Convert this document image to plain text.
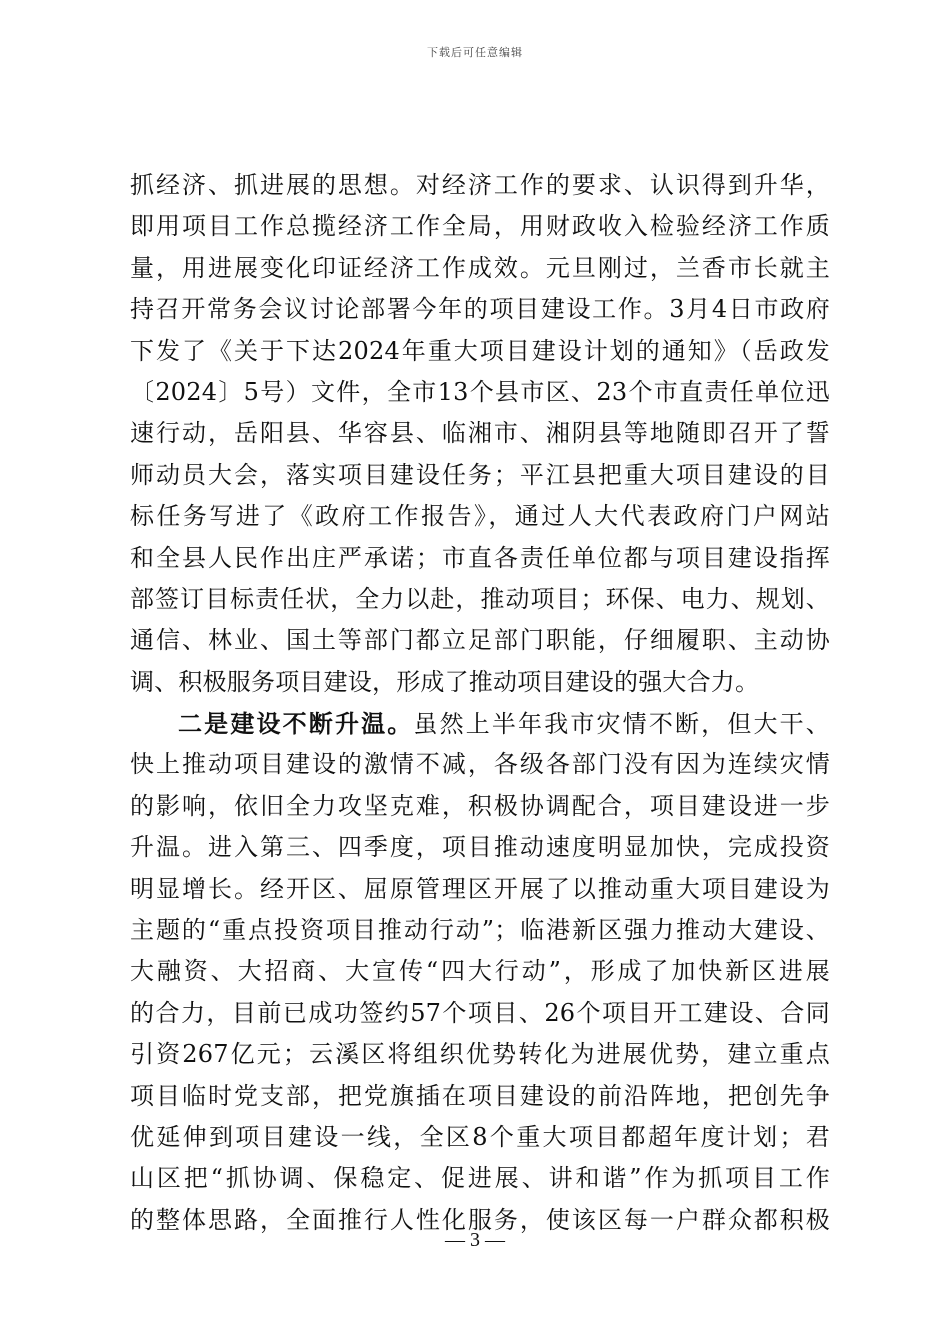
下载后可任意编辑
抓经济、抓进展的思想。对经济工作的要求、认识得到升华，
即用项目工作总揽经济工作全局，用财政收入检验经济工作质
量，用进展变化印证经济工作成效。元旦刚过，兰香市长就主
持召开常务会议讨论部署今年的项目建设工作。3月4日市政府
下发了《关于下达2024年重大项目建设计划的通知》（岳政发
〔2024〕5号）文件，全市13个县市区、23个市直责任单位迅
速行动，岳阳县、华容县、临湘市、湘阴县等地随即召开了誓
师动员大会，落实项目建设任务；平江县把重大项目建设的目
标任务写进了《政府工作报告》，通过人大代表政府门户网站
和全县人民作出庄严承诺；市直各责任单位都与项目建设指挥
部签订目标责任状，全力以赴，推动项目；环保、电力、规划、
通信、林业、国土等部门都立足部门职能，仔细履职、主动协
调、积极服务项目建设，形成了推动项目建设的强大合力。
二是建设不断升温。虽然上半年我市灾情不断，但大干、
快上推动项目建设的激情不减，各级各部门没有因为连续灾情
的影响，依旧全力攻坚克难，积极协调配合，项目建设进一步
升温。进入第三、四季度，项目推动速度明显加快，完成投资
明显增长。经开区、屈原管理区开展了以推动重大项目建设为
主题的“重点投资项目推动行动”；临港新区强力推动大建设、
大融资、大招商、大宣传“四大行动”，形成了加快新区进展
的合力，目前已成功签约57个项目、26个项目开工建设、合同
引资267亿元；云溪区将组织优势转化为进展优势，建立重点
项目临时党支部，把党旗插在项目建设的前沿阵地，把创先争
优延伸到项目建设一线，全区8个重大项目都超年度计划；君
山区把“抓协调、保稳定、促进展、讲和谐”作为抓项目工作
的整体思路，全面推行人性化服务，使该区每一户群众都积极
— 3 —
